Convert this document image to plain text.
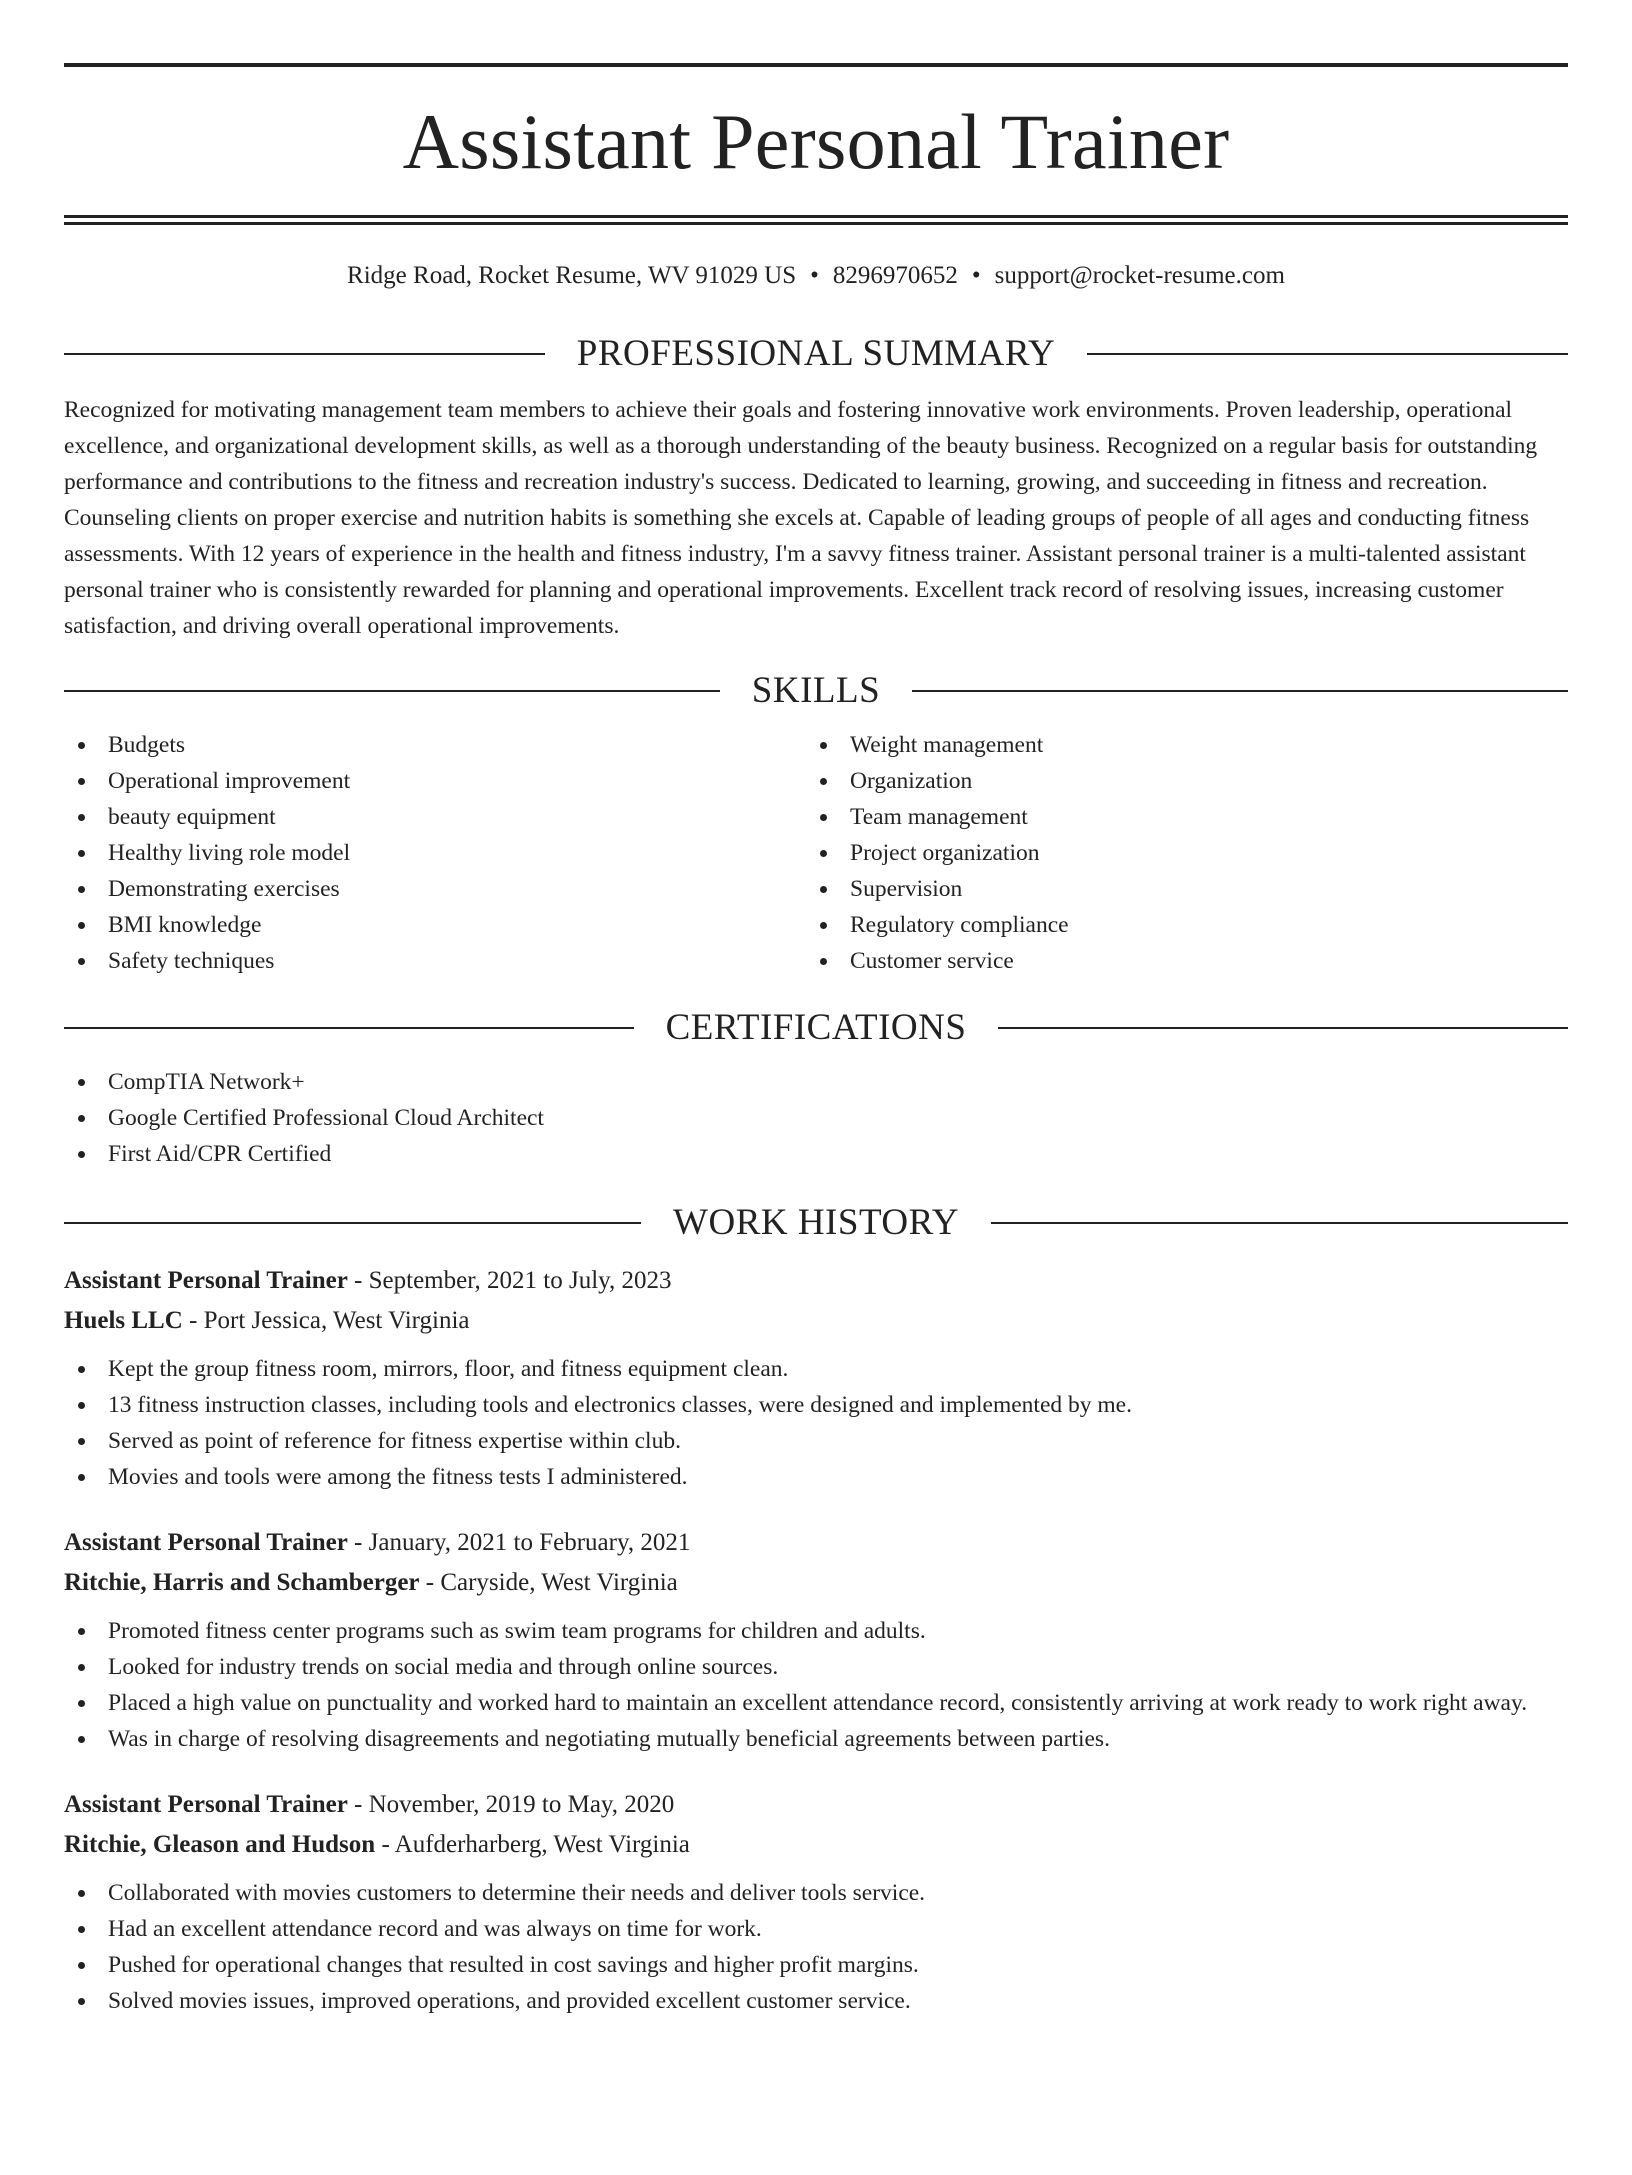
Assistant Personal Trainer
Ridge Road, Rocket Resume, WV 91029 US • 8296970652 • support@rocket-resume.com
PROFESSIONAL SUMMARY

Recognized for motivating management team members to achieve their goals and fostering innovative work environments. Proven leadership, operational excellence, and organizational development skills, as well as a thorough understanding of the beauty business. Recognized on a regular basis for outstanding performance and contributions to the fitness and recreation industry's success. Dedicated to learning, growing, and succeeding in fitness and recreation. Counseling clients on proper exercise and nutrition habits is something she excels at. Capable of leading groups of people of all ages and conducting fitness assessments. With 12 years of experience in the health and fitness industry, I'm a savvy fitness trainer. Assistant personal trainer is a multi-talented assistant personal trainer who is consistently rewarded for planning and operational improvements. Excellent track record of resolving issues, increasing customer satisfaction, and driving overall operational improvements.

SKILLS
Budgets
Operational improvement
beauty equipment
Healthy living role model
Demonstrating exercises
BMI knowledge
Safety techniques
Weight management
Organization
Team management
Project organization
Supervision
Regulatory compliance
Customer service
CERTIFICATIONS
CompTIA Network+
Google Certified Professional Cloud Architect
First Aid/CPR Certified
WORK HISTORY
Assistant Personal Trainer - September, 2021 to July, 2023
Huels LLC - Port Jessica, West Virginia
Kept the group fitness room, mirrors, floor, and fitness equipment clean.
13 fitness instruction classes, including tools and electronics classes, were designed and implemented by me.
Served as point of reference for fitness expertise within club.
Movies and tools were among the fitness tests I administered.
Assistant Personal Trainer - January, 2021 to February, 2021
Ritchie, Harris and Schamberger - Caryside, West Virginia
Promoted fitness center programs such as swim team programs for children and adults.
Looked for industry trends on social media and through online sources.
Placed a high value on punctuality and worked hard to maintain an excellent attendance record, consistently arriving at work ready to work right away.
Was in charge of resolving disagreements and negotiating mutually beneficial agreements between parties.
Assistant Personal Trainer - November, 2019 to May, 2020
Ritchie, Gleason and Hudson - Aufderharberg, West Virginia
Collaborated with movies customers to determine their needs and deliver tools service.
Had an excellent attendance record and was always on time for work.
Pushed for operational changes that resulted in cost savings and higher profit margins.
Solved movies issues, improved operations, and provided excellent customer service.
